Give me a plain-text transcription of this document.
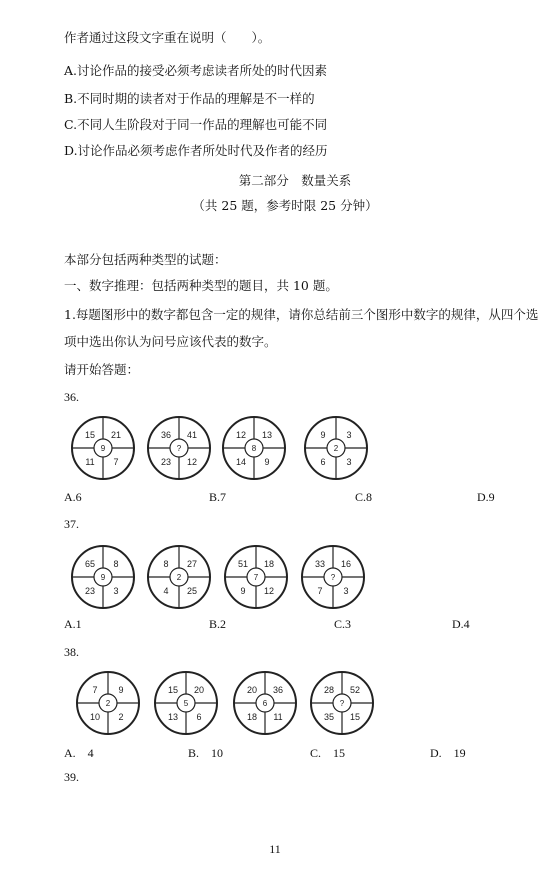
作者通过这段文字重在说明（　　）。
A.讨论作品的接受必须考虑读者所处的时代因素
B.不同时期的读者对于作品的理解是不一样的
C.不同人生阶段对于同一作品的理解也可能不同
D.讨论作品必须考虑作者所处时代及作者的经历
第二部分　数量关系
（共 25 题，参考时限 25 分钟）
本部分包括两种类型的试题：
一、数字推理：包括两种类型的题目，共 10 题。
1.每题图形中的数字都包含一定的规律，请你总结前三个图形中数字的规律，从四个选
项中选出你认为问号应该代表的数字。
请开始答题：
36.
37.
38.
15 21
11 7
9
36 41
23 12
?
12 13
14 9
8
9 3
6 3
2
65 8
23 3
9
8 27
4 25
2
51 18
9 12
7
33 16
7 3
?
7 9
10 2
2
15 20
13 6
5
20 36
18 11
6
28 52
35 15
?
A.6	B.7	C.8	D.9
A.1	B.2	C.3	D.4
A.　4	B.　10	C.　15	D.　19
39.
11
